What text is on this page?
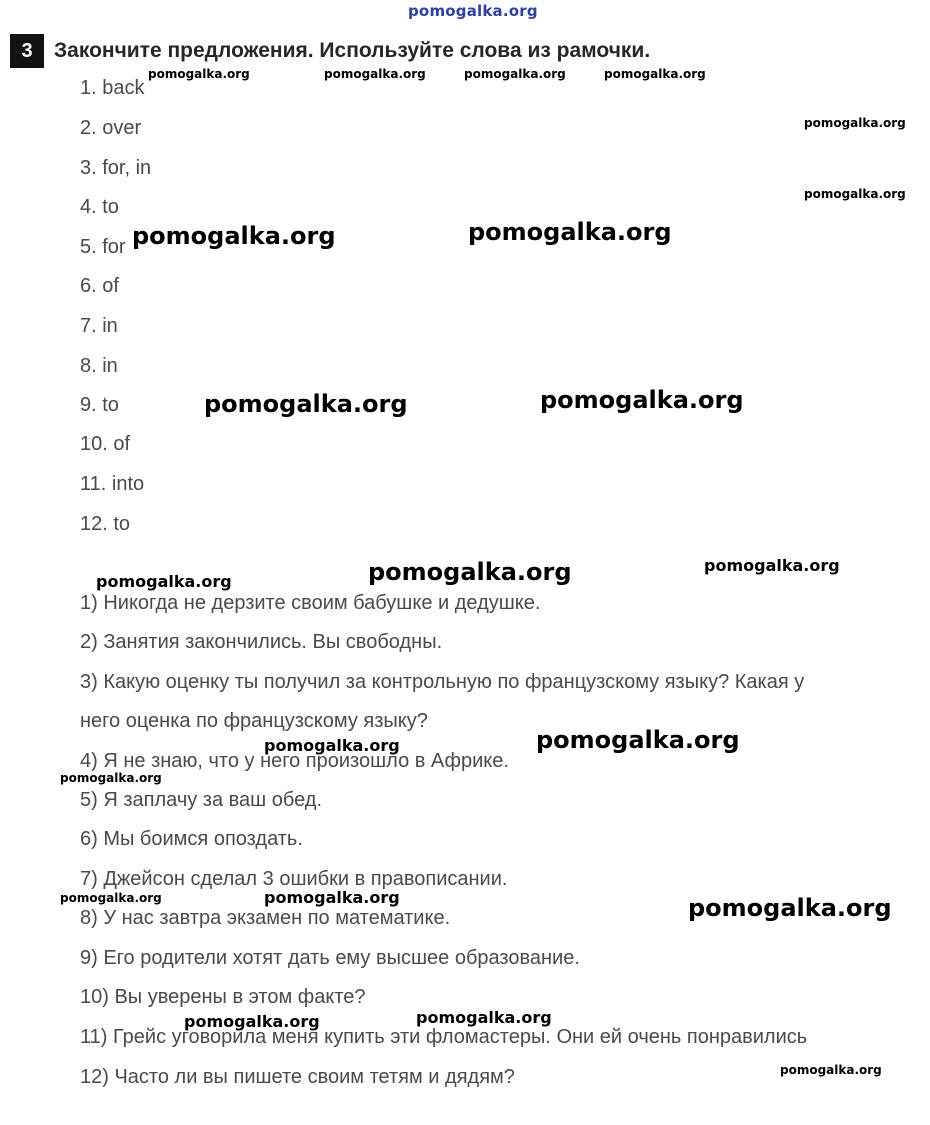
pomogalka.org
3	Закончите предложения. Используйте слова из рамочки.
1. back
2. over
3. for, in
4. to
5. for
6. of
7. in
8. in
9. to
10. of
11. into
12. to
1) Никогда не дерзите своим бабушке и дедушке.
2) Занятия закончились. Вы свободны.
3) Какую оценку ты получил за контрольную по французскому языку? Какая у
него оценка по французскому языку?
4) Я не знаю, что у него произошло в Африке.
5) Я заплачу за ваш обед.
6) Мы боимся опоздать.
7) Джейсон сделал 3 ошибки в правописании.
8) У нас завтра экзамен по математике.
9) Его родители хотят дать ему высшее образование.
10) Вы уверены в этом факте?
11) Грейс уговорила меня купить эти фломастеры. Они ей очень понравились
12) Часто ли вы пишете своим тетям и дядям?
pomogalka.org	pomogalka.org	pomogalka.org	pomogalka.org
pomogalka.org
pomogalka.org
pomogalka.org	pomogalka.org
pomogalka.org	pomogalka.org
pomogalka.org	pomogalka.org	pomogalka.org
pomogalka.org	pomogalka.org
pomogalka.org
pomogalka.org	pomogalka.org	pomogalka.org
pomogalka.org	pomogalka.org
pomogalka.org
